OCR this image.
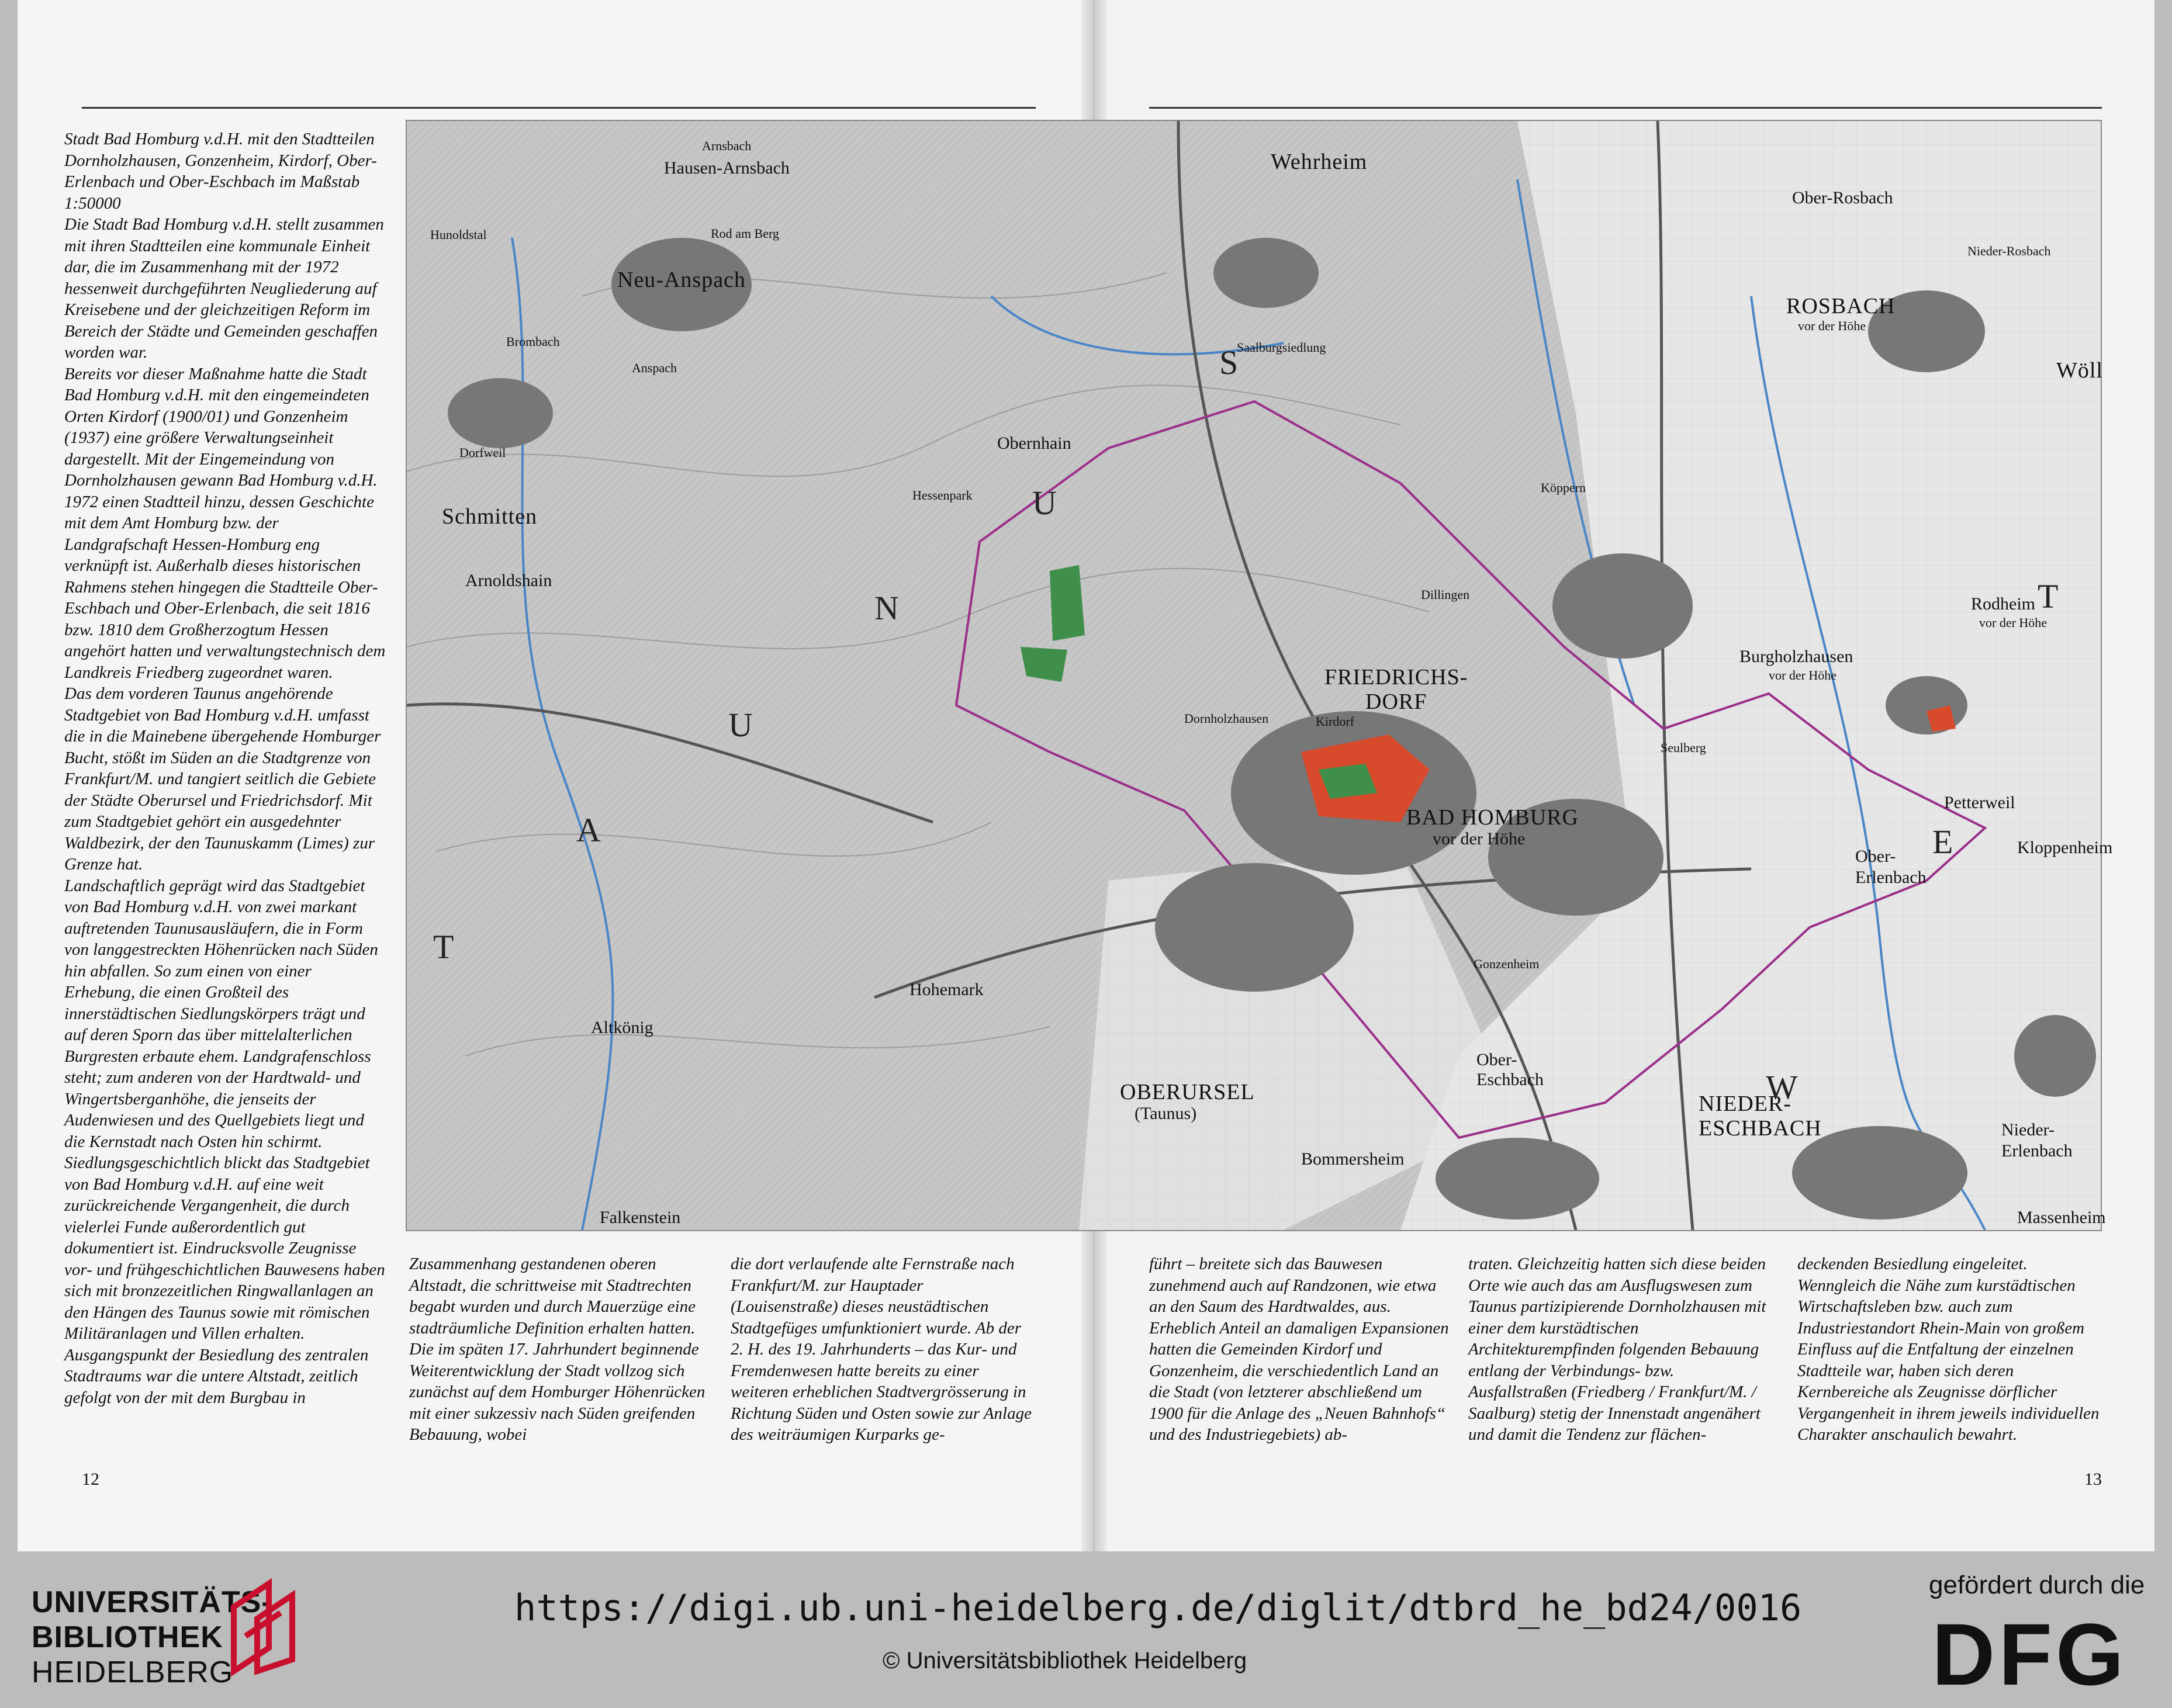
Stadt Bad Homburg v.d.H. mit den Stadtteilen Dornholzhausen, Gonzenheim, Kirdorf, Ober-Erlenbach und Ober-Eschbach im Maßstab 1:50000

Die Stadt Bad Homburg v.d.H. stellt zusammen mit ihren Stadtteilen eine kommunale Einheit dar, die im Zusammenhang mit der 1972 hessenweit durchgeführten Neugliederung auf Kreisebene und der gleichzeitigen Reform im Bereich der Städte und Gemeinden geschaffen worden war.

Bereits vor dieser Maßnahme hatte die Stadt Bad Homburg v.d.H. mit den eingemeindeten Orten Kirdorf (1900/01) und Gonzenheim (1937) eine größere Verwaltungseinheit dargestellt. Mit der Eingemeindung von Dornholzhausen gewann Bad Homburg v.d.H. 1972 einen Stadtteil hinzu, dessen Geschichte mit dem Amt Homburg bzw. der Landgrafschaft Hessen-Homburg eng verknüpft ist. Außerhalb dieses historischen Rahmens stehen hingegen die Stadtteile Ober-Eschbach und Ober-Erlenbach, die seit 1816 bzw. 1810 dem Großherzogtum Hessen angehört hatten und verwaltungstechnisch dem Landkreis Friedberg zugeordnet waren.

Das dem vorderen Taunus angehörende Stadtgebiet von Bad Homburg v.d.H. umfasst die in die Mainebene übergehende Homburger Bucht, stößt im Süden an die Stadtgrenze von Frankfurt/M. und tangiert seitlich die Gebiete der Städte Oberursel und Friedrichsdorf. Mit zum Stadtgebiet gehört ein ausgedehnter Waldbezirk, der den Taunuskamm (Limes) zur Grenze hat.

Landschaftlich geprägt wird das Stadtgebiet von Bad Homburg v.d.H. von zwei markant auftretenden Taunusausläufern, die in Form von langgestreckten Höhenrücken nach Süden hin abfallen. So zum einen von einer Erhebung, die einen Großteil des innerstädtischen Siedlungskörpers trägt und auf deren Sporn das über mittelalterlichen Burgresten erbaute ehem. Landgrafenschloss steht; zum anderen von der Hardtwald- und Wingertsberganhöhe, die jenseits der Audenwiesen und des Quellgebiets liegt und die Kernstadt nach Osten hin schirmt.

Siedlungsgeschichtlich blickt das Stadtgebiet von Bad Homburg v.d.H. auf eine weit zurückreichende Vergangenheit, die durch vielerlei Funde außerordentlich gut dokumentiert ist. Eindrucksvolle Zeugnisse vor- und frühgeschichtlichen Bauwesens haben sich mit bronzezeitlichen Ringwallanlagen an den Hängen des Taunus sowie mit römischen Militäranlagen und Villen erhalten. Ausgangspunkt der Besiedlung des zentralen Stadtraums war die untere Altstadt, zeitlich gefolgt von der mit dem Burgbau in

Wehrheim
Arnsbach
Hausen-Arnsbach
Rod am Berg
Hunoldstal
Neu-Anspach
Brombach
Anspach
Dorfweil	Obernhain
Hessenpark
Saalburgsiedlung
Schmitten
Arnoldshain
Ober-Rosbach
Nieder-Rosbach
ROSBACH
vor der Höhe
Wöll
Köppern
Dillingen	Rodheim
vor der Höhe
Burgholzhausen
vor der Höhe
FRIEDRICHS-
DORF
Dornholzhausen	Kirdorf
Seulberg
BAD HOMBURG
vor der Höhe
Petterweil
Kloppenheim
Ober-
Erlenbach
Gonzenheim
Ober-
Eschbach
OBERURSEL
(Taunus)	NIEDER-
ESCHBACH	Nieder-
Erlenbach
Bommersheim
Massenheim
Falkenstein
Hohemark
Altkönig
T
A
U
N
U
S
W
E
T
Zusammenhang gestandenen oberen Altstadt, die schrittweise mit Stadtrechten begabt wurden und durch Mauerzüge eine stadträumliche Definition erhalten hatten. Die im späten 17. Jahrhundert beginnende Weiterentwicklung der Stadt vollzog sich zunächst auf dem Homburger Höhenrücken mit einer sukzessiv nach Süden greifenden Bebauung, wobei
die dort verlaufende alte Fernstraße nach Frankfurt/M. zur Hauptader (Louisenstraße) dieses neustädtischen Stadtgefüges umfunktioniert wurde. Ab der 2. H. des 19. Jahrhunderts – das Kur- und Fremdenwesen hatte bereits zu einer weiteren erheblichen Stadtvergrösserung in Richtung Süden und Osten sowie zur Anlage des weiträumigen Kurparks ge-
führt – breitete sich das Bauwesen zunehmend auch auf Randzonen, wie etwa an den Saum des Hardtwaldes, aus. Erheblich Anteil an damaligen Expansionen hatten die Gemeinden Kirdorf und Gonzenheim, die verschiedentlich Land an die Stadt (von letzterer abschließend um 1900 für die Anlage des „Neuen Bahnhofs“ und des Industriegebiets) ab-
traten. Gleichzeitig hatten sich diese beiden Orte wie auch das am Ausflugswesen zum Taunus partizipierende Dornholzhausen mit einer dem kurstädtischen Architekturempfinden folgenden Bebauung entlang der Verbindungs- bzw. Ausfallstraßen (Friedberg / Frankfurt/M. / Saalburg) stetig der Innenstadt angenähert und damit die Tendenz zur flächen-
deckenden Besiedlung eingeleitet. Wenngleich die Nähe zum kurstädtischen Wirtschaftsleben bzw. auch zum Industriestandort Rhein-Main von großem Einfluss auf die Entfaltung der einzelnen Stadtteile war, haben sich deren Kernbereiche als Zeugnisse dörflicher Vergangenheit in ihrem jeweils individuellen Charakter anschaulich bewahrt.
12	13
UNIVERSITÄTS-
BIBLIOTHEK
HEIDELBERG
https://digi.ub.uni-heidelberg.de/diglit/dtbrd_he_bd24/0016
© Universitätsbibliothek Heidelberg
gefördert durch die
DFG
